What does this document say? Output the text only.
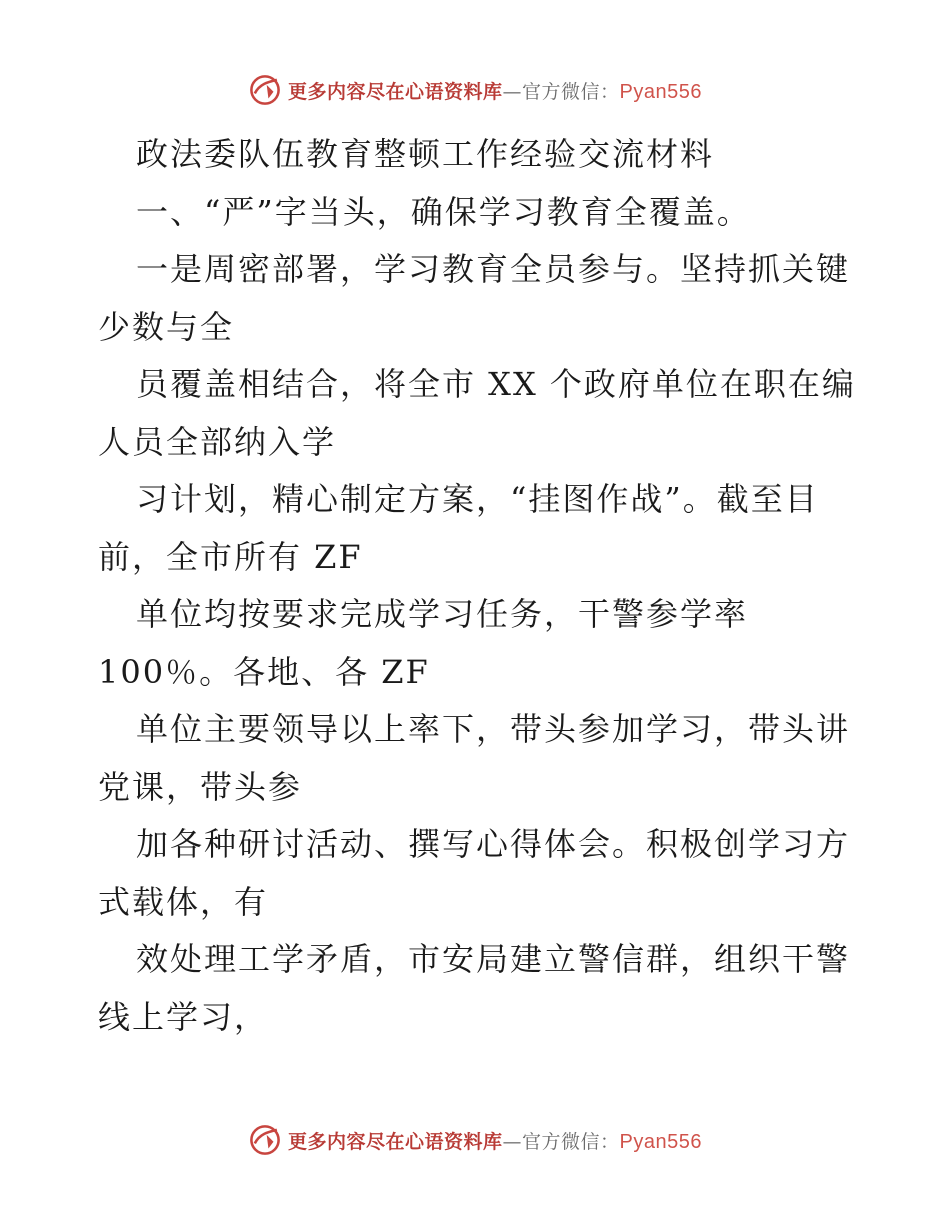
更多内容尽在心语资料库—官方微信：Pyan556
政法委队伍教育整顿工作经验交流材料
一、“严”字当头，确保学习教育全覆盖。
一是周密部署，学习教育全员参与。坚持抓关键
少数与全
员覆盖相结合，将全市 XX 个政府单位在职在编
人员全部纳入学
习计划，精心制定方案，“挂图作战”。截至目
前，全市所有 ZF
单位均按要求完成学习任务，干警参学率
100％。各地、各 ZF
单位主要领导以上率下，带头参加学习，带头讲
党课，带头参
加各种研讨活动、撰写心得体会。积极创学习方
式载体，有
效处理工学矛盾，市安局建立警信群，组织干警
线上学习，
更多内容尽在心语资料库—官方微信：Pyan556
